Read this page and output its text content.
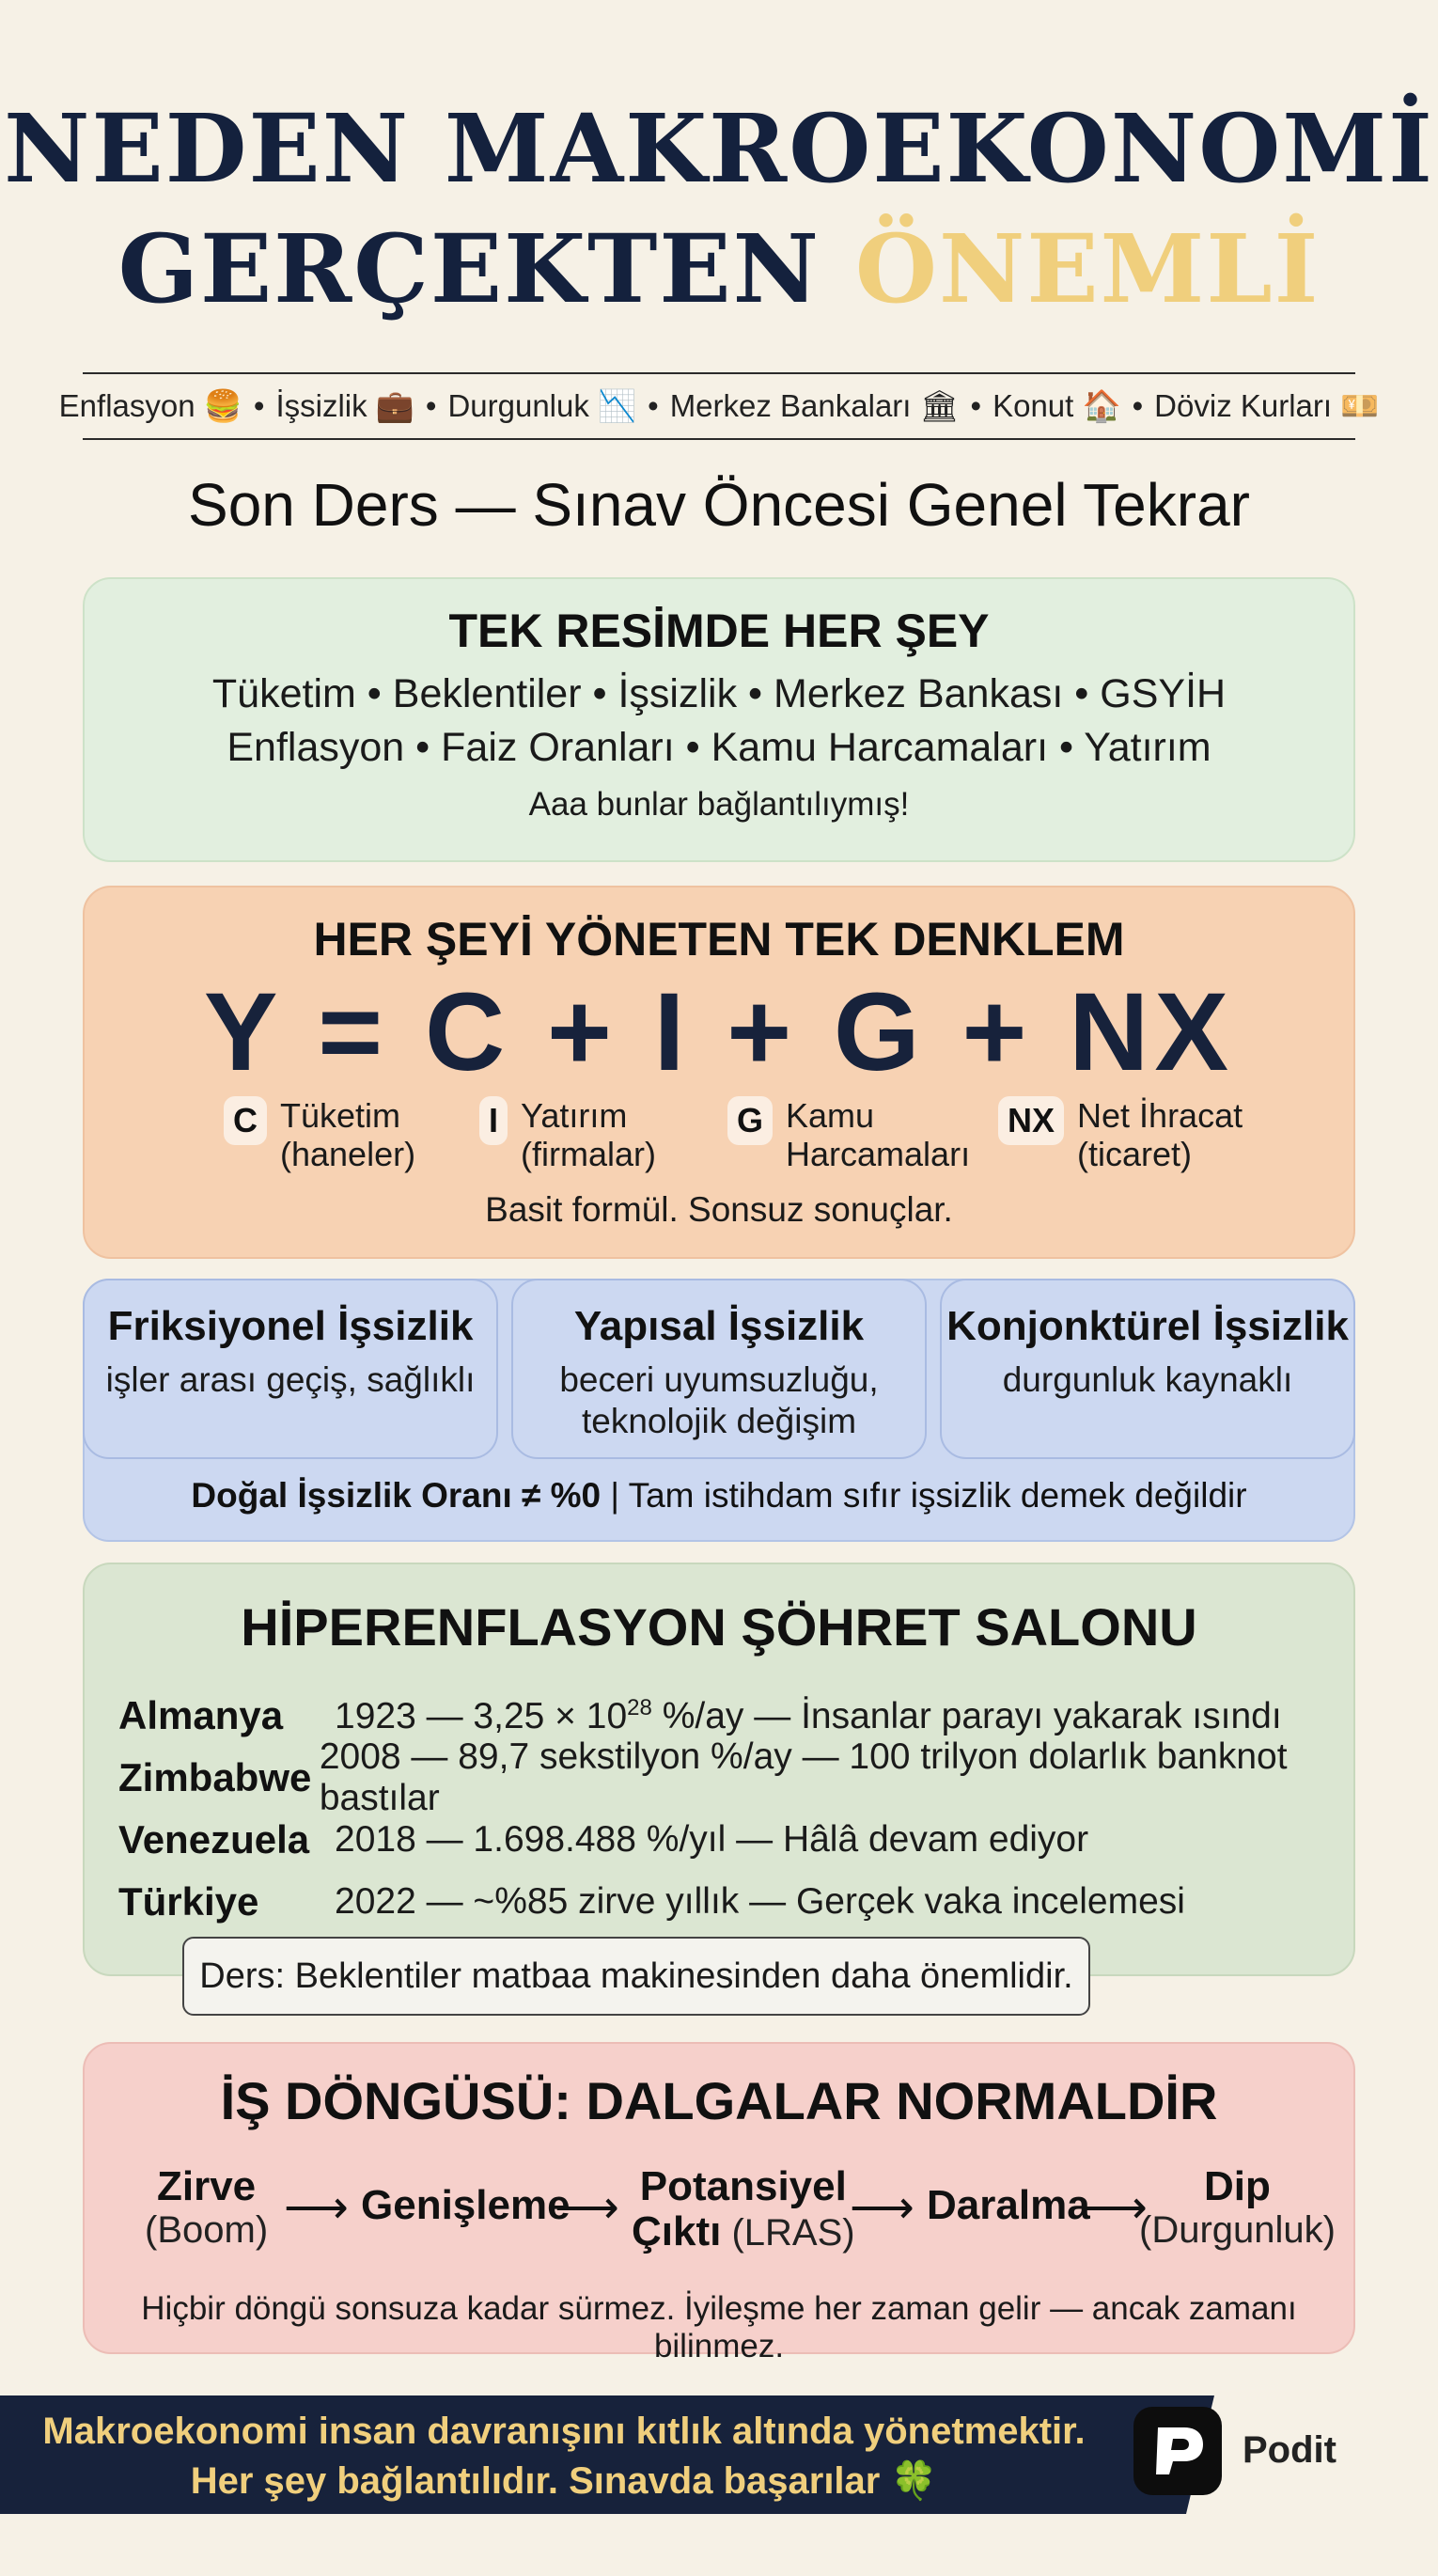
NEDEN MAKROEKONOMİ
GERÇEKTEN ÖNEMLİ
Enflasyon 🍔 • İşsizlik 💼 • Durgunluk 📉 • Merkez Bankaları 🏛 • Konut 🏠 • Döviz Kurları 💴
Son Ders — Sınav Öncesi Genel Tekrar
TEK RESİMDE HER ŞEY
Tüketim • Beklentiler • İşsizlik • Merkez Bankası • GSYİH
Enflasyon • Faiz Oranları • Kamu Harcamaları • Yatırım
Aaa bunlar bağlantılıymış!
HER ŞEYİ YÖNETEN TEK DENKLEM
Y = C + I + G + NX
C Tüketim
(haneler)
I Yatırım
(firmalar)
G Kamu
Harcamaları
NX Net İhracat
(ticaret)
Basit formül. Sonsuz sonuçlar.
Friksiyonel İşsizlik

işler arası geçiş, sağlıklı

Yapısal İşsizlik

beceri uyumsuzluğu,
teknolojik değişim

Konjonktürel İşsizlik

durgunluk kaynaklı

Doğal İşsizlik Oranı ≠ %0 | Tam istihdam sıfır işsizlik demek değildir
HİPERENFLASYON ŞÖHRET SALONU
Almanya	1923 — $3,25 \times 10^{28}$ %/ay — İnsanlar parayı yakarak ısındı
Zimbabwe 2008 — 89,7 sekstilyon %/ay — 100 trilyon dolarlık banknot bastılar
Venezuela 2018 — 1.698.488 %/yıl — Hâlâ devam ediyor
Türkiye	2022 — ~%85 zirve yıllık — Gerçek vaka incelemesi
Ders: Beklentiler matbaa makinesinden daha önemlidir.
İŞ DÖNGÜSÜ: DALGALAR NORMALDİR
Zirve
(Boom) ⟶ Genişleme
⟶ Potansiyel
Çıktı (LRAS)
⟶ Daralma
⟶	Dip
(Durgunluk)
Hiçbir döngü sonsuza kadar sürmez. İyileşme her zaman gelir — ancak zamanı bilinmez.
Makroekonomi insan davranışını kıtlık altında yönetmektir.
Her şey bağlantılıdır. Sınavda başarılar 🍀
Podit
